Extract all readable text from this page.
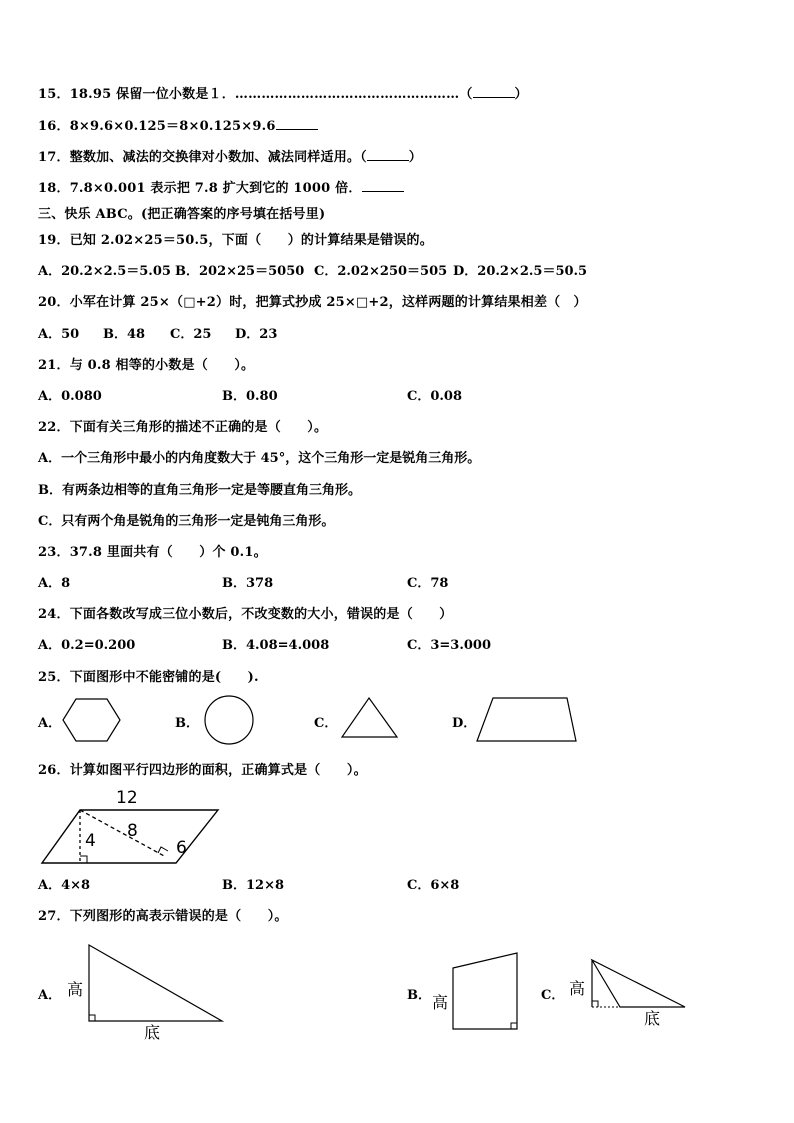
15．18.95 保留一位小数是１．……………………………………………（	）
16．8×9.6×0.125＝8×0.125×9.6
17．整数加、减法的交换律对小数加、减法同样适用。（	）
18．7.8×0.001 表示把 7.8 扩大到它的 1000 倍．
三、快乐 ABC。(把正确答案的序号填在括号里)
19．已知 2.02×25＝50.5，下面（　　）的计算结果是错误的。
A．20.2×2.5＝5.05 B．202×25＝5050 C．2.02×250＝505 D．20.2×2.5＝50.5
20．小军在计算 25×（□+2）时，把算式抄成 25×□+2，这样两题的计算结果相差（　）
A．50 B．48 C．25 D．23
21．与 0.8 相等的小数是（　　）。
A．0.080	B．0.80	C．0.08
22．下面有关三角形的描述不正确的是（　　）。
A．一个三角形中最小的内角度数大于 45°，这个三角形一定是锐角三角形。
B．有两条边相等的直角三角形一定是等腰直角三角形。
C．只有两个角是锐角的三角形一定是钝角三角形。
23．37.8 里面共有（　　）个 0.1。
A．8	B．378	C．78
24．下面各数改写成三位小数后，不改变数的大小，错误的是（　　）
A．0.2=0.200	B．4.08=4.008	C．3=3.000
25．下面图形中不能密铺的是(　　).
A．	B．	C．	D．
26．计算如图平行四边形的面积，正确算式是（　　）。
12
4 8
6
A．4×8	B．12×8	C．6×8
27．下列图形的高表示错误的是（　　）。
A． 高
底
B． 高	C． 高
底
